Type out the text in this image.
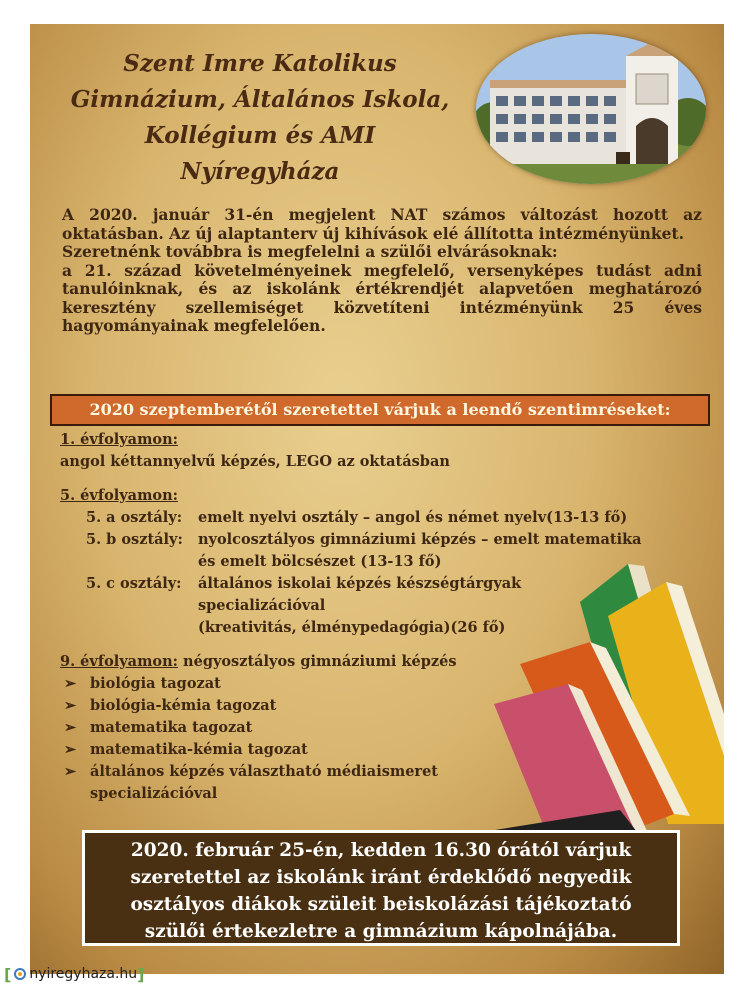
Szent Imre Katolikus
Gimnázium, Általános Iskola,
Kollégium és AMI
Nyíregyháza

A 2020. január 31-én megjelent NAT számos változást hozott az oktatásban. Az új alaptanterv új kihívások elé állította intézményünket.

Szeretnénk továbbra is megfelelni a szülői elvárásoknak:

a 21. század követelményeinek megfelelő, versenyképes tudást adni tanulóinknak, és az iskolánk értékrendjét alapvetően meghatározó keresztény szellemiséget közvetíteni intézményünk 25 éves hagyományainak megfelelően.

2020 szeptemberétől szeretettel várjuk a leendő szentimréseket:
1. évfolyamon:
angol kéttannyelvű képzés, LEGO az oktatásban
5. évfolyamon:
5. a osztály:	emelt nyelvi osztály – angol és német nyelv(13-13 fő)
5. b osztály:	nyolcosztályos gimnáziumi képzés – emelt matematika
és emelt bölcsészet (13-13 fő)
5. c osztály:	általános iskolai képzés készségtárgyak
specializációval
(kreativitás, élménypedagógia)(26 fő)
9. évfolyamon: négyosztályos gimnáziumi képzés
➢ biológia tagozat
➢ biológia-kémia tagozat
➢ matematika tagozat
➢ matematika-kémia tagozat
➢ általános képzés választható médiaismeret
specializációval
2020. február 25-én, kedden 16.30 órától várjuk
szeretettel az iskolánk iránt érdeklődő negyedik
osztályos diákok szüleit beiskolázási tájékoztató
szülői értekezletre a gimnázium kápolnájába.
[ nyiregyhaza.hu ]
